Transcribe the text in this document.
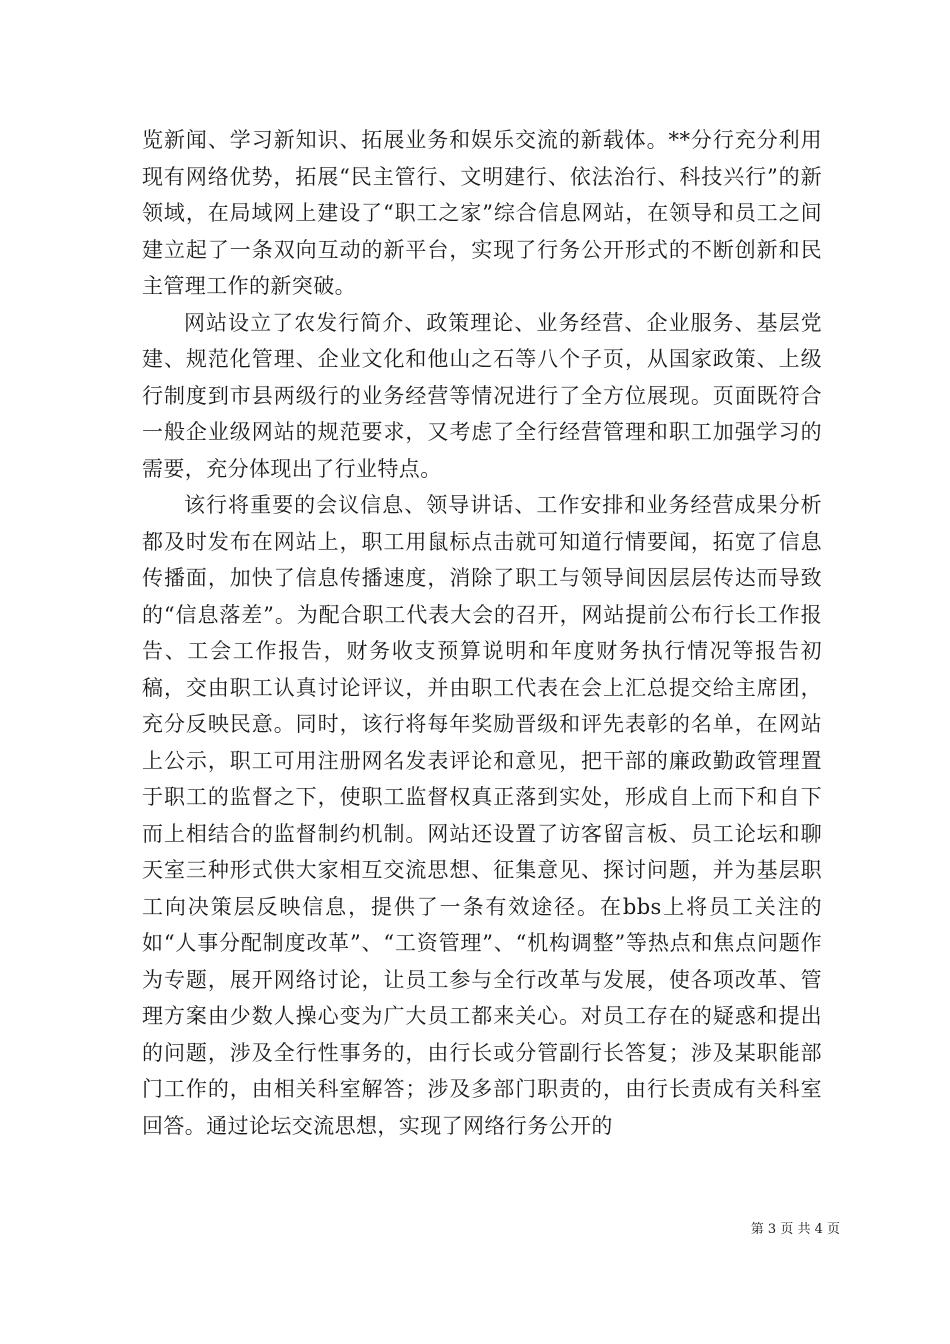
览新闻、学习新知识、拓展业务和娱乐交流的新载体。**分行充分利用现有网络优势，拓展“民主管行、文明建行、依法治行、科技兴行”的新领域，在局域网上建设了“职工之家”综合信息网站，在领导和员工之间建立起了一条双向互动的新平台，实现了行务公开形式的不断创新和民主管理工作的新突破。

网站设立了农发行简介、政策理论、业务经营、企业服务、基层党建、规范化管理、企业文化和他山之石等八个子页，从国家政策、上级行制度到市县两级行的业务经营等情况进行了全方位展现。页面既符合一般企业级网站的规范要求，又考虑了全行经营管理和职工加强学习的需要，充分体现出了行业特点。

该行将重要的会议信息、领导讲话、工作安排和业务经营成果分析都及时发布在网站上，职工用鼠标点击就可知道行情要闻，拓宽了信息传播面，加快了信息传播速度，消除了职工与领导间因层层传达而导致的“信息落差”。为配合职工代表大会的召开，网站提前公布行长工作报告、工会工作报告，财务收支预算说明和年度财务执行情况等报告初稿，交由职工认真讨论评议，并由职工代表在会上汇总提交给主席团，充分反映民意。同时，该行将每年奖励晋级和评先表彰的名单，在网站上公示，职工可用注册网名发表评论和意见，把干部的廉政勤政管理置于职工的监督之下，使职工监督权真正落到实处，形成自上而下和自下而上相结合的监督制约机制。网站还设置了访客留言板、员工论坛和聊天室三种形式供大家相互交流思想、征集意见、探讨问题，并为基层职工向决策层反映信息，提供了一条有效途径。在bbs上将员工关注的如“人事分配制度改革”、“工资管理”、“机构调整”等热点和焦点问题作为专题，展开网络讨论，让员工参与全行改革与发展，使各项改革、管理方案由少数人操心变为广大员工都来关心。对员工存在的疑惑和提出的问题，涉及全行性事务的，由行长或分管副行长答复；涉及某职能部门工作的，由相关科室解答；涉及多部门职责的，由行长责成有关科室回答。通过论坛交流思想，实现了网络行务公开的

第 3 页 共 4 页
